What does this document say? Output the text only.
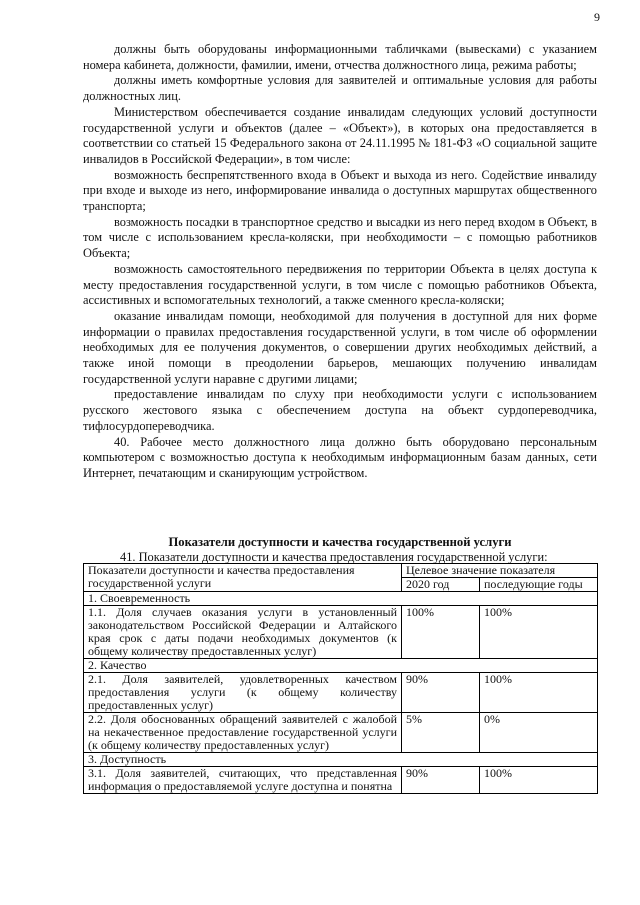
9

должны быть оборудованы информационными табличками (вывесками) с указанием номера кабинета, должности, фамилии, имени, отчества должностного лица, режима работы;

должны иметь комфортные условия для заявителей и оптимальные условия для работы должностных лиц.

Министерством обеспечивается создание инвалидам следующих условий доступности государственной услуги и объектов (далее – «Объект»), в которых она предоставляется в соответствии со статьей 15 Федерального закона от 24.11.1995 № 181-ФЗ «О социальной защите инвалидов в Российской Федерации», в том числе:

возможность беспрепятственного входа в Объект и выхода из него. Содействие инвалиду при входе и выходе из него, информирование инвалида о доступных маршрутах общественного транспорта;

возможность посадки в транспортное средство и высадки из него перед входом в Объект, в том числе с использованием кресла-коляски, при необходимости – с помощью работников Объекта;

возможность самостоятельного передвижения по территории Объекта в целях доступа к месту предоставления государственной услуги, в том числе с помощью работников Объекта, ассистивных и вспомогательных технологий, а также сменного кресла-коляски;

оказание инвалидам помощи, необходимой для получения в доступной для них форме информации о правилах предоставления государственной услуги, в том числе об оформлении необходимых для ее получения документов, о совершении других необходимых действий, а также иной помощи в преодолении барьеров, мешающих получению инвалидам государственной услуги наравне с другими лицами;

предоставление инвалидам по слуху при необходимости услуги с использованием русского жестового языка с обеспечением доступа на объект сурдопереводчика, тифлосурдопереводчика.

40. Рабочее место должностного лица должно быть оборудовано персональным компьютером с возможностью доступа к необходимым информационным базам данных, сети Интернет, печатающим и сканирующим устройством.

Показатели доступности и качества государственной услуги
41. Показатели доступности и качества предоставления государственной услуги:
Показатели доступности и качества предоставления государственной услуги	Целевое значение показателя	
	2020 год	последующие годы
1. Своевременность		
1.1. Доля случаев оказания услуги в установленный законодательством Российской Федерации и Алтайского края срок с даты подачи необходимых документов (к общему количеству предоставленных услуг)	100%	100%
2. Качество		
2.1. Доля заявителей, удовлетворенных качеством предоставления услуги (к общему количеству предоставленных услуг)	90%	100%
2.2. Доля обоснованных обращений заявителей с жалобой на некачественное предоставление государственной услуги (к общему количеству предоставленных услуг)	5%	0%
3. Доступность		
3.1. Доля заявителей, считающих, что представленная информация о предоставляемой услуге доступна и понятна	90%	100%
